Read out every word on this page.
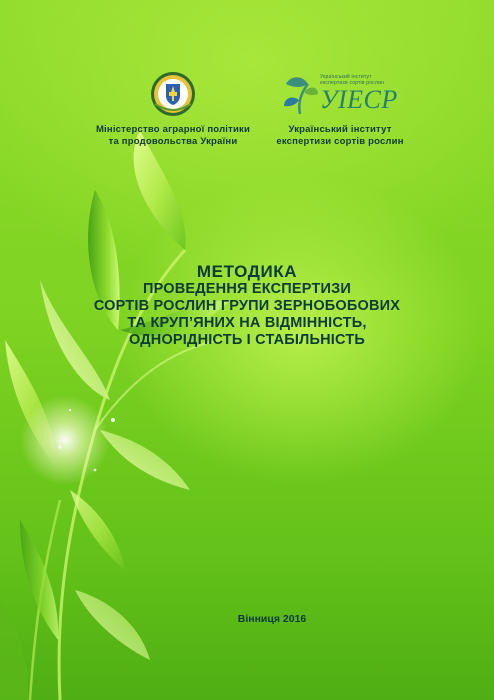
Міністерство аграрної політики
та продовольства України
Український інститут
експертизи сортів рослин
УІЕСР
Український інститут
експертизи сортів рослин
МЕТОДИКА
ПРОВЕДЕННЯ ЕКСПЕРТИЗИ
СОРТІВ РОСЛИН ГРУПИ ЗЕРНОБОБОВИХ
ТА КРУП’ЯНИХ НА ВІДМІННІСТЬ,
ОДНОРІДНІСТЬ І СТАБІЛЬНІСТЬ
Вінниця 2016
